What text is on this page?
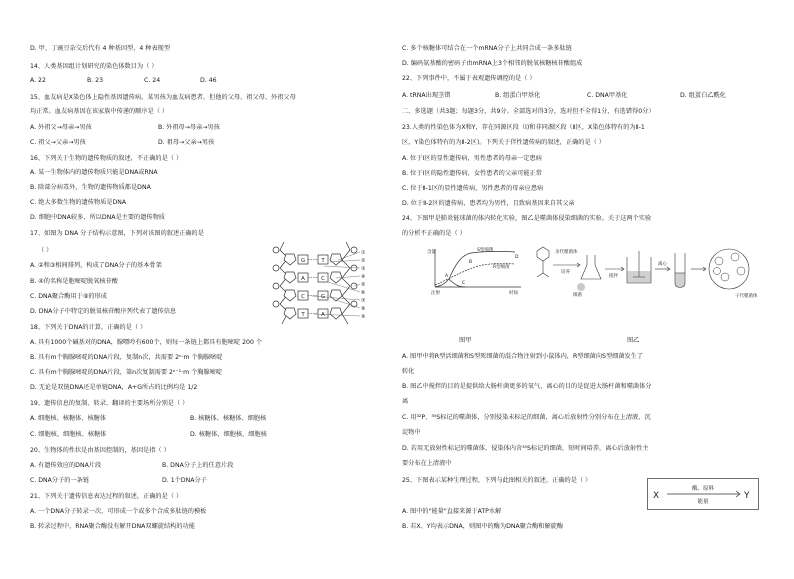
D. 甲、丁豌豆杂交后代有 4 种基因型，4 种表现型
14、人类基因组计划研究的染色体数目为（ ）
A. 22	B. 23	C. 24	D. 46
15、血友病是X染色体上隐性基因遗传病。某男孩为血友病患者，但他的父母、祖父母、外祖父母
均正常。血友病基因在该家族中传递的顺序是（ ）
A. 外祖父→母亲→男孩	B. 外祖母→母亲→男孩
C. 祖父→父亲→男孩	D. 祖母→父亲→男孩
16、下列关于生物的遗传物质的叙述，不正确的是（ ）
A. 某一生物体内的遗传物质只能是DNA或RNA
B. 除部分病毒外，生物的遗传物质都是DNA
C. 绝大多数生物的遗传物质是DNA
D. 细胞中DNA较多，所以DNA是主要的遗传物质
17、如图为 DNA 分子结构示意图，下列对该图的叙述正确的是
（ ）
A. ②和③相间排列，构成了DNA分子的基本骨架
B. ④的名称是胞嘧啶脱氧核苷酸
C. DNA聚合酶用于⑨的形成
D. DNA分子中特定的脱氧核苷酸序列代表了遗传信息
G
A
C
T
T
C
A
①
②
③
④
⑤
⑥
⑦
⑧
⑨
18、下列关于DNA的计算，正确的是（ ）
A. 具有1000个碱基对的DNA，腺嘌呤有600个，则每一条链上都具有胞嘧啶 200 个
B. 具有m个胸腺嘧啶的DNA片段，复制n次，共需要 2ⁿ·m 个胸腺嘧啶
C. 具有m个胸腺嘧啶的DNA片段，第n次复制需要 2ⁿ⁻¹·m 个胸腺嘧啶
D. 无论是双链DNA还是单链DNA，A+G所占的比例均是 1/2
19、遗传信息的复制、转录、翻译的主要场所分别是（ ）
A. 细胞核、核糖体、核糖体	B. 核糖体、核糖体、细胞核
C. 细胞核、细胞核、核糖体	D. 核糖体、细胞核、细胞核
20、生物体的性状是由基因控制的，基因是指（ ）
A. 有遗传效应的DNA片段	B. DNA分子上的任意片段
C. DNA分子的一条链	D. 1个DNA分子
21、下列关于遗传信息表达过程的叙述，正确的是（ ）
A. 一个DNA分子转录一次，可形成一个或多个合成多肽链的模板
B. 转录过程中，RNA聚合酶没有解开DNA双螺旋结构的功能
C. 多个核糖体可结合在一个mRNA分子上共同合成一条多肽链
D. 编码氨基酸的密码子由mRNA上3个相邻的脱氧核糖核苷酸组成
22、下列事件中，不属于表观遗传调控的是（ ）
A. tRNA出现茎错	B. 组蛋白甲基化	C. DNA甲基化	D. 组蛋白乙酰化
二、多选题（共3题；每题3分，共9分。全部选对得3分，选对但不全得1分，有选错得0分）
23.人类的性染色体为X和Y，存在同源区段（Ⅰ)和非同源区段（Ⅱ区，X染色体特有的为Ⅱ-1
区，Y染色体特有的为Ⅱ-2区)。下列关于伴性遗传病的叙述，正确的是（ ）
A. 位于Ⅰ区的显性遗传病，男性患者的母亲一定患病
B. 位于Ⅰ区的隐性遗传病，女性患者的父亲可能正常
C. 位于Ⅱ-1区的显性遗传病，男性患者的母亲应患病
D. 位于Ⅱ-2区的遗传病，患者均为男性，且致病基因来自其父亲
24、下图甲是肺炎链球菌的体内转化实验，图乙是噬菌体侵染细菌的实验。关于这两个实验
的分析不正确的是（ ）
含量	S型细菌
R型细菌
时间
注射
A
B
C
D
亲代噬菌体
培养
细菌
搅拌
离心
子代噬菌体
图甲	图乙
A. 图甲中将R型活细菌和S型死细菌的混合物注射到小鼠体内，R型细菌向S型细菌发生了
转化
B. 图乙中搅拌的目的是提供给大肠杆菌更多的氧气，离心的目的是促进大肠杆菌和噬菌体分
离
C. 用³²P、³⁵S标记的噬菌体，分别侵染未标记的细菌，离心后放射性分别分布在上清液、沉
淀物中
D. 若用无放射性标记的噬菌体，侵染体内含³⁵S标记的细菌，短时间培养，离心后放射性主
要分布在上清液中
25、下图表示某种生理过程，下列与此图相关的叙述，正确的是（ ）
X	Y
酶、原料
能量
A. 图中的"能量"直接来源于ATP水解
B. 若X、Y均表示DNA，则图中的酶为DNA聚合酶和解旋酶
